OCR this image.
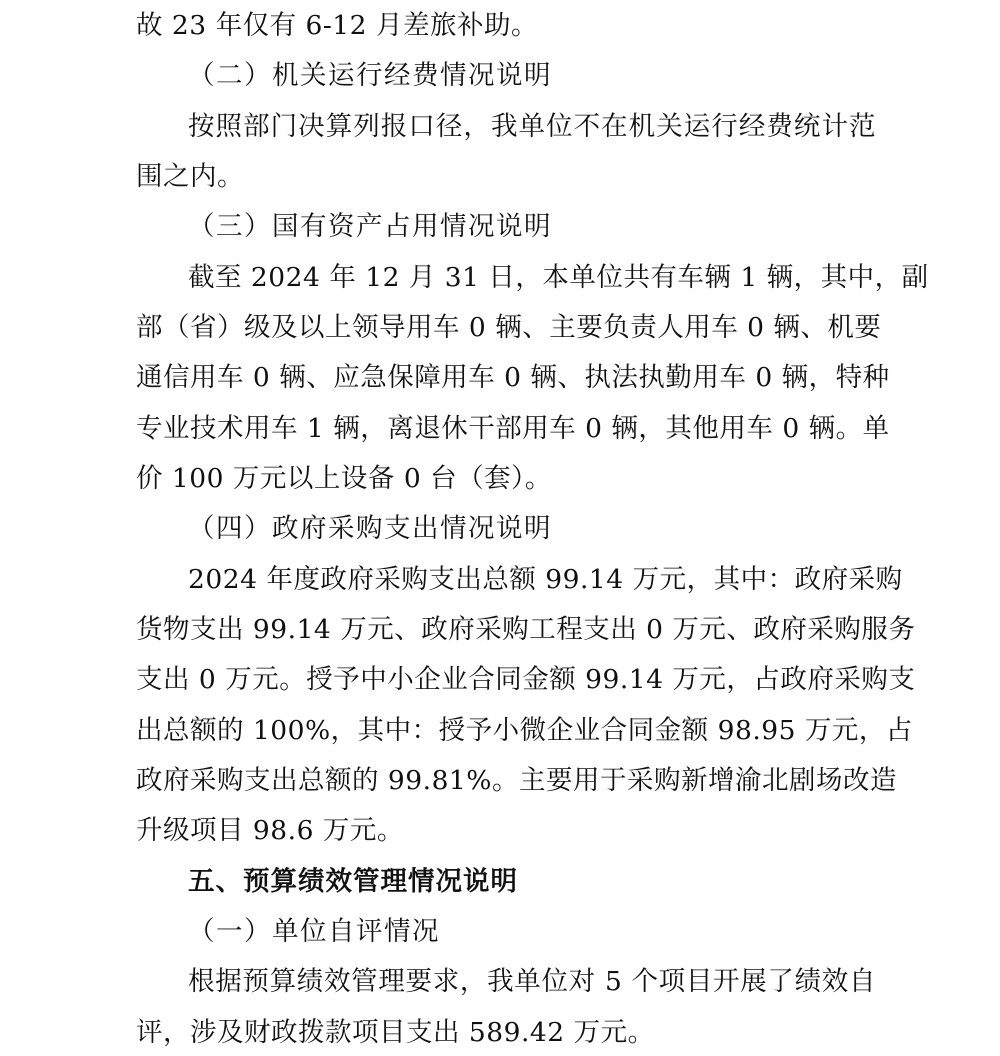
故 23 年仅有 6-12 月差旅补助。
（二）机关运行经费情况说明
按照部门决算列报口径，我单位不在机关运行经费统计范
围之内。
（三）国有资产占用情况说明
截至 2024 年 12 月 31 日，本单位共有车辆 1 辆，其中，副
部（省）级及以上领导用车 0 辆、主要负责人用车 0 辆、机要
通信用车 0 辆、应急保障用车 0 辆、执法执勤用车 0 辆，特种
专业技术用车 1 辆，离退休干部用车 0 辆，其他用车 0 辆。单
价 100 万元以上设备 0 台（套）。
（四）政府采购支出情况说明
2024 年度政府采购支出总额 99.14 万元，其中：政府采购
货物支出 99.14 万元、政府采购工程支出 0 万元、政府采购服务
支出 0 万元。授予中小企业合同金额 99.14 万元，占政府采购支
出总额的 100%，其中：授予小微企业合同金额 98.95 万元，占
政府采购支出总额的 99.81%。主要用于采购新增渝北剧场改造
升级项目 98.6 万元。
五、预算绩效管理情况说明
（一）单位自评情况
根据预算绩效管理要求，我单位对 5 个项目开展了绩效自
评，涉及财政拨款项目支出 589.42 万元。
